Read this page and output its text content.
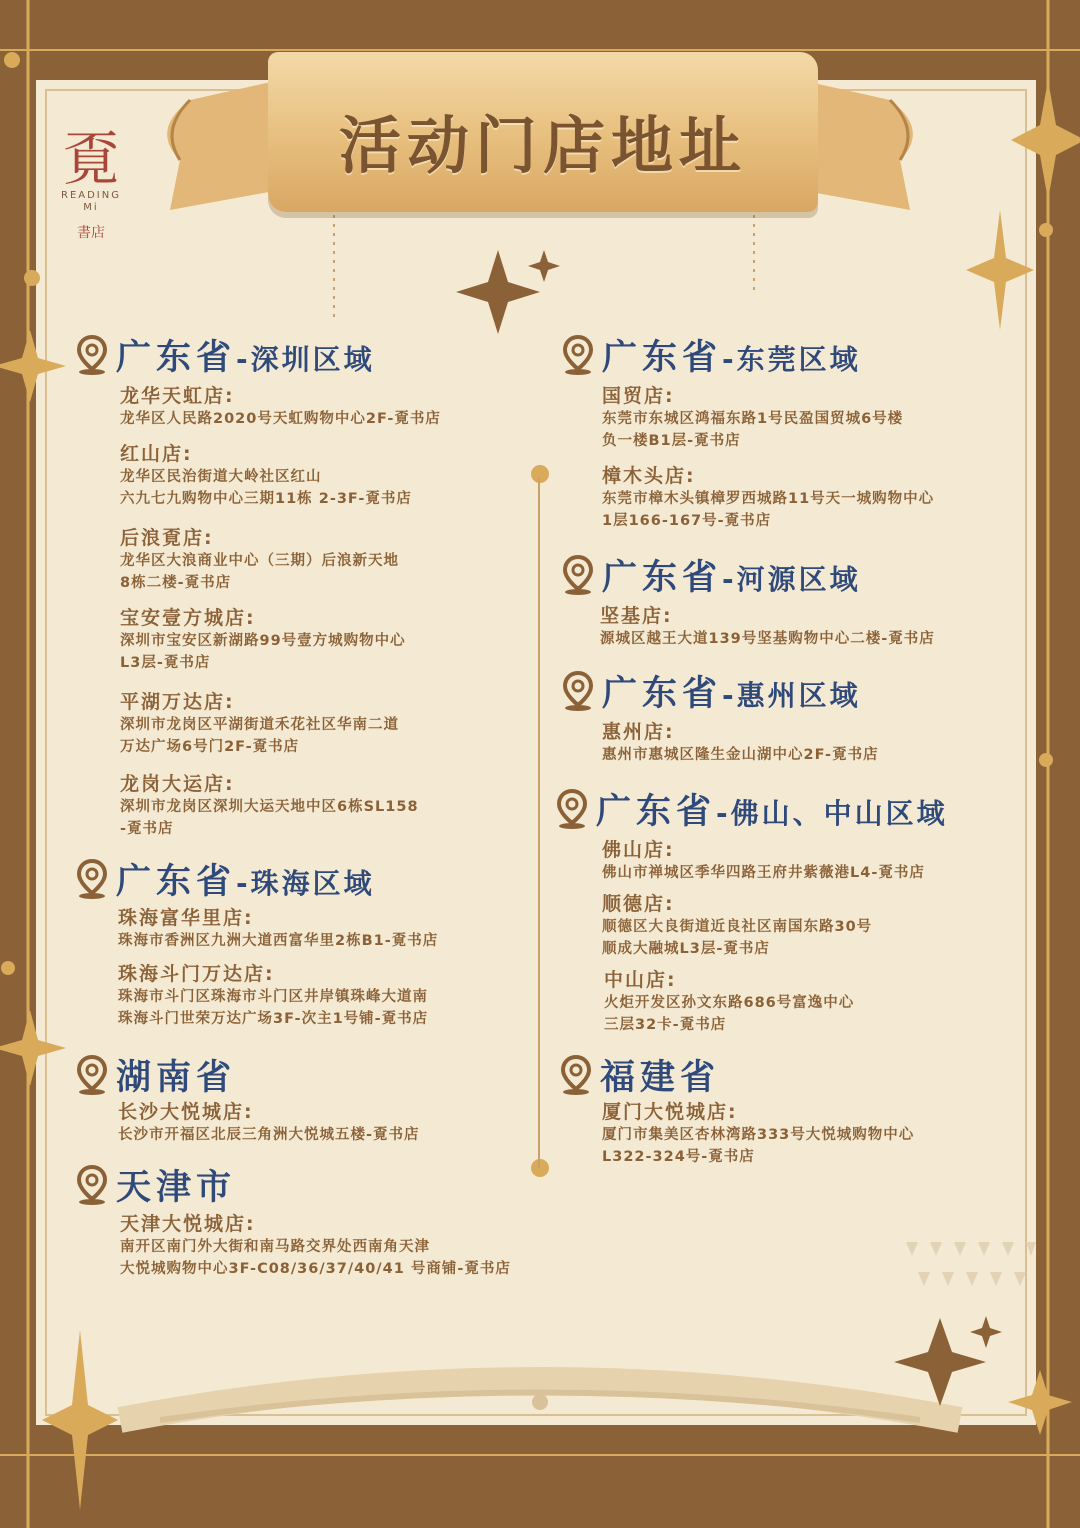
活动门店地址
覔
READING
Mi
書店
广东省-深圳区域
龙华天虹店:
龙华区人民路2020号天虹购物中心2F-覔书店
红山店:
龙华区民治街道大岭社区红山
六九七九购物中心三期11栋 2-3F-覔书店
后浪覔店:
龙华区大浪商业中心（三期）后浪新天地
8栋二楼-覔书店
宝安壹方城店:
深圳市宝安区新湖路99号壹方城购物中心
L3层-覔书店
平湖万达店:
深圳市龙岗区平湖街道禾花社区华南二道
万达广场6号门2F-覔书店
龙岗大运店:
深圳市龙岗区深圳大运天地中区6栋SL158
-覔书店
广东省-珠海区域
珠海富华里店:
珠海市香洲区九洲大道西富华里2栋B1-覔书店
珠海斗门万达店:
珠海市斗门区珠海市斗门区井岸镇珠峰大道南
珠海斗门世荣万达广场3F-次主1号铺-覔书店
湖南省
长沙大悦城店:
长沙市开福区北辰三角洲大悦城五楼-覔书店
天津市
天津大悦城店:
南开区南门外大街和南马路交界处西南角天津
大悦城购物中心3F-C08/36/37/40/41 号商铺-覔书店
广东省-东莞区域
国贸店:
东莞市东城区鸿福东路1号民盈国贸城6号楼
负一楼B1层-覔书店
樟木头店:
东莞市樟木头镇樟罗西城路11号天一城购物中心
1层166-167号-覔书店
广东省-河源区域
坚基店:
源城区越王大道139号坚基购物中心二楼-覔书店
广东省-惠州区域
惠州店:
惠州市惠城区隆生金山湖中心2F-覔书店
广东省-佛山、中山区域
佛山店:
佛山市禅城区季华四路王府井紫薇港L4-覔书店
顺德店:
顺德区大良街道近良社区南国东路30号
顺成大融城L3层-覔书店
中山店:
火炬开发区孙文东路686号富逸中心
三层32卡-覔书店
福建省
厦门大悦城店:
厦门市集美区杏林湾路333号大悦城购物中心
L322-324号-覔书店
